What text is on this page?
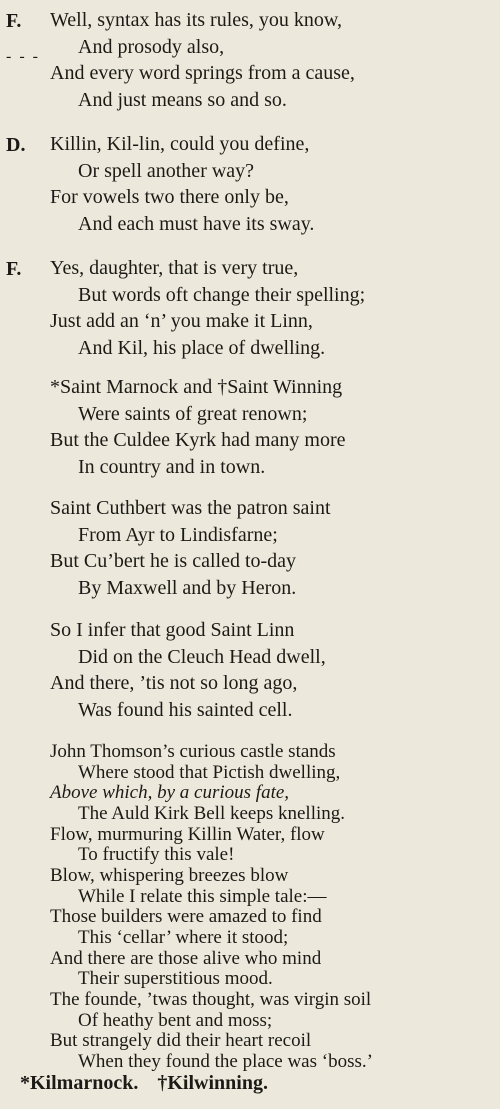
F.
- - -
Well, syntax has its rules, you know,
And prosody also,
And every word springs from a cause,
And just means so and so.
D. Killin, Kil-lin, could you define,
Or spell another way?
For vowels two there only be,
And each must have its sway.
F. Yes, daughter, that is very true,
But words oft change their spelling;
Just add an ‘n’ you make it Linn,
And Kil, his place of dwelling.
*Saint Marnock and †Saint Winning
Were saints of great renown;
But the Culdee Kyrk had many more
In country and in town.
Saint Cuthbert was the patron saint
From Ayr to Lindisfarne;
But Cu’bert he is called to-day
By Maxwell and by Heron.
So I infer that good Saint Linn
Did on the Cleuch Head dwell,
And there, ’tis not so long ago,
Was found his sainted cell.
John Thomson’s curious castle stands
Where stood that Pictish dwelling,
Above which, by a curious fate,
The Auld Kirk Bell keeps knelling.
Flow, murmuring Killin Water, flow
To fructify this vale!
Blow, whispering breezes blow
While I relate this simple tale:—
Those builders were amazed to find
This ‘cellar’ where it stood;
And there are those alive who mind
Their superstitious mood.
*Kilmarnock. †Kilwinning.
The founde, ’twas thought, was virgin soil
Of heathy bent and moss;
But strangely did their heart recoil
When they found the place was ‘boss.’
